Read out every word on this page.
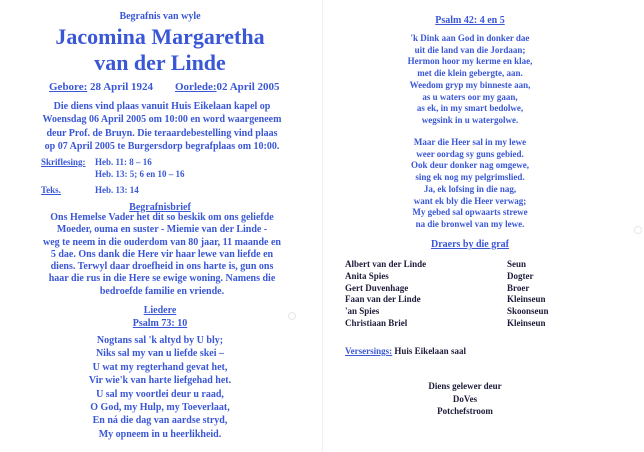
Begrafnis van wyle
Jacomina Margaretha
van der Linde
Gebore: 28 April 1924 Oorlede:02 April 2005
Die diens vind plaas vanuit Huis Eikelaan kapel op
Woensdag 06 April 2005 om 10:00 en word waargeneem
deur Prof. de Bruyn. Die teraardebestelling vind plaas
op 07 April 2005 te Burgersdorp begrafplaas om 10:00.
Skriflesing: Heb. 11: 8 – 16
Heb. 13: 5; 6 en 10 – 16
Teks.	Heb. 13: 14
Begrafnisbrief
Ons Hemelse Vader het dit so beskik om ons geliefde
Moeder, ouma en suster - Miemie van der Linde -
weg te neem in die ouderdom van 80 jaar, 11 maande en
5 dae. Ons dank die Here vir haar lewe van liefde en
diens. Terwyl daar droefheid in ons harte is, gun ons
haar die rus in die Here se ewige woning. Namens die
bedroefde familie en vriende.
Liedere
Psalm 73: 10
Nogtans sal 'k altyd by U bly;
Niks sal my van u liefde skei –
U wat my regterhand gevat het,
Vir wie'k van harte liefgehad het.
U sal my voortlei deur u raad,
O God, my Hulp, my Toeverlaat,
En ná die dag van aardse stryd,
My opneem in u heerlikheid.
Psalm 42: 4 en 5
'k Dink aan God in donker dae
uit die land van die Jordaan;
Hermon hoor my kerme en klae,
met die klein gebergte, aan.
Weedom gryp my binneste aan,
as u waters oor my gaan,
as ek, in my smart bedolwe,
wegsink in u watergolwe.
Maar die Heer sal in my lewe
weer oordag sy guns gebied.
Ook deur donker nag omgewe,
sing ek nog my pelgrimslied.
Ja, ek lofsing in die nag,
want ek bly die Heer verwag;
My gebed sal opwaarts strewe
na die bronwel van my lewe.
Draers by die graf
Albert van der Linde
Anita Spies
Gert Duvenhage
Faan van der Linde
'an Spies
Christiaan Briel
Seun
Dogter
Broer
Kleinseun
Skoonseun
Kleinseun
Versersings: Huis Eikelaan saal
Diens gelewer deur
DoVes
Potchefstroom
